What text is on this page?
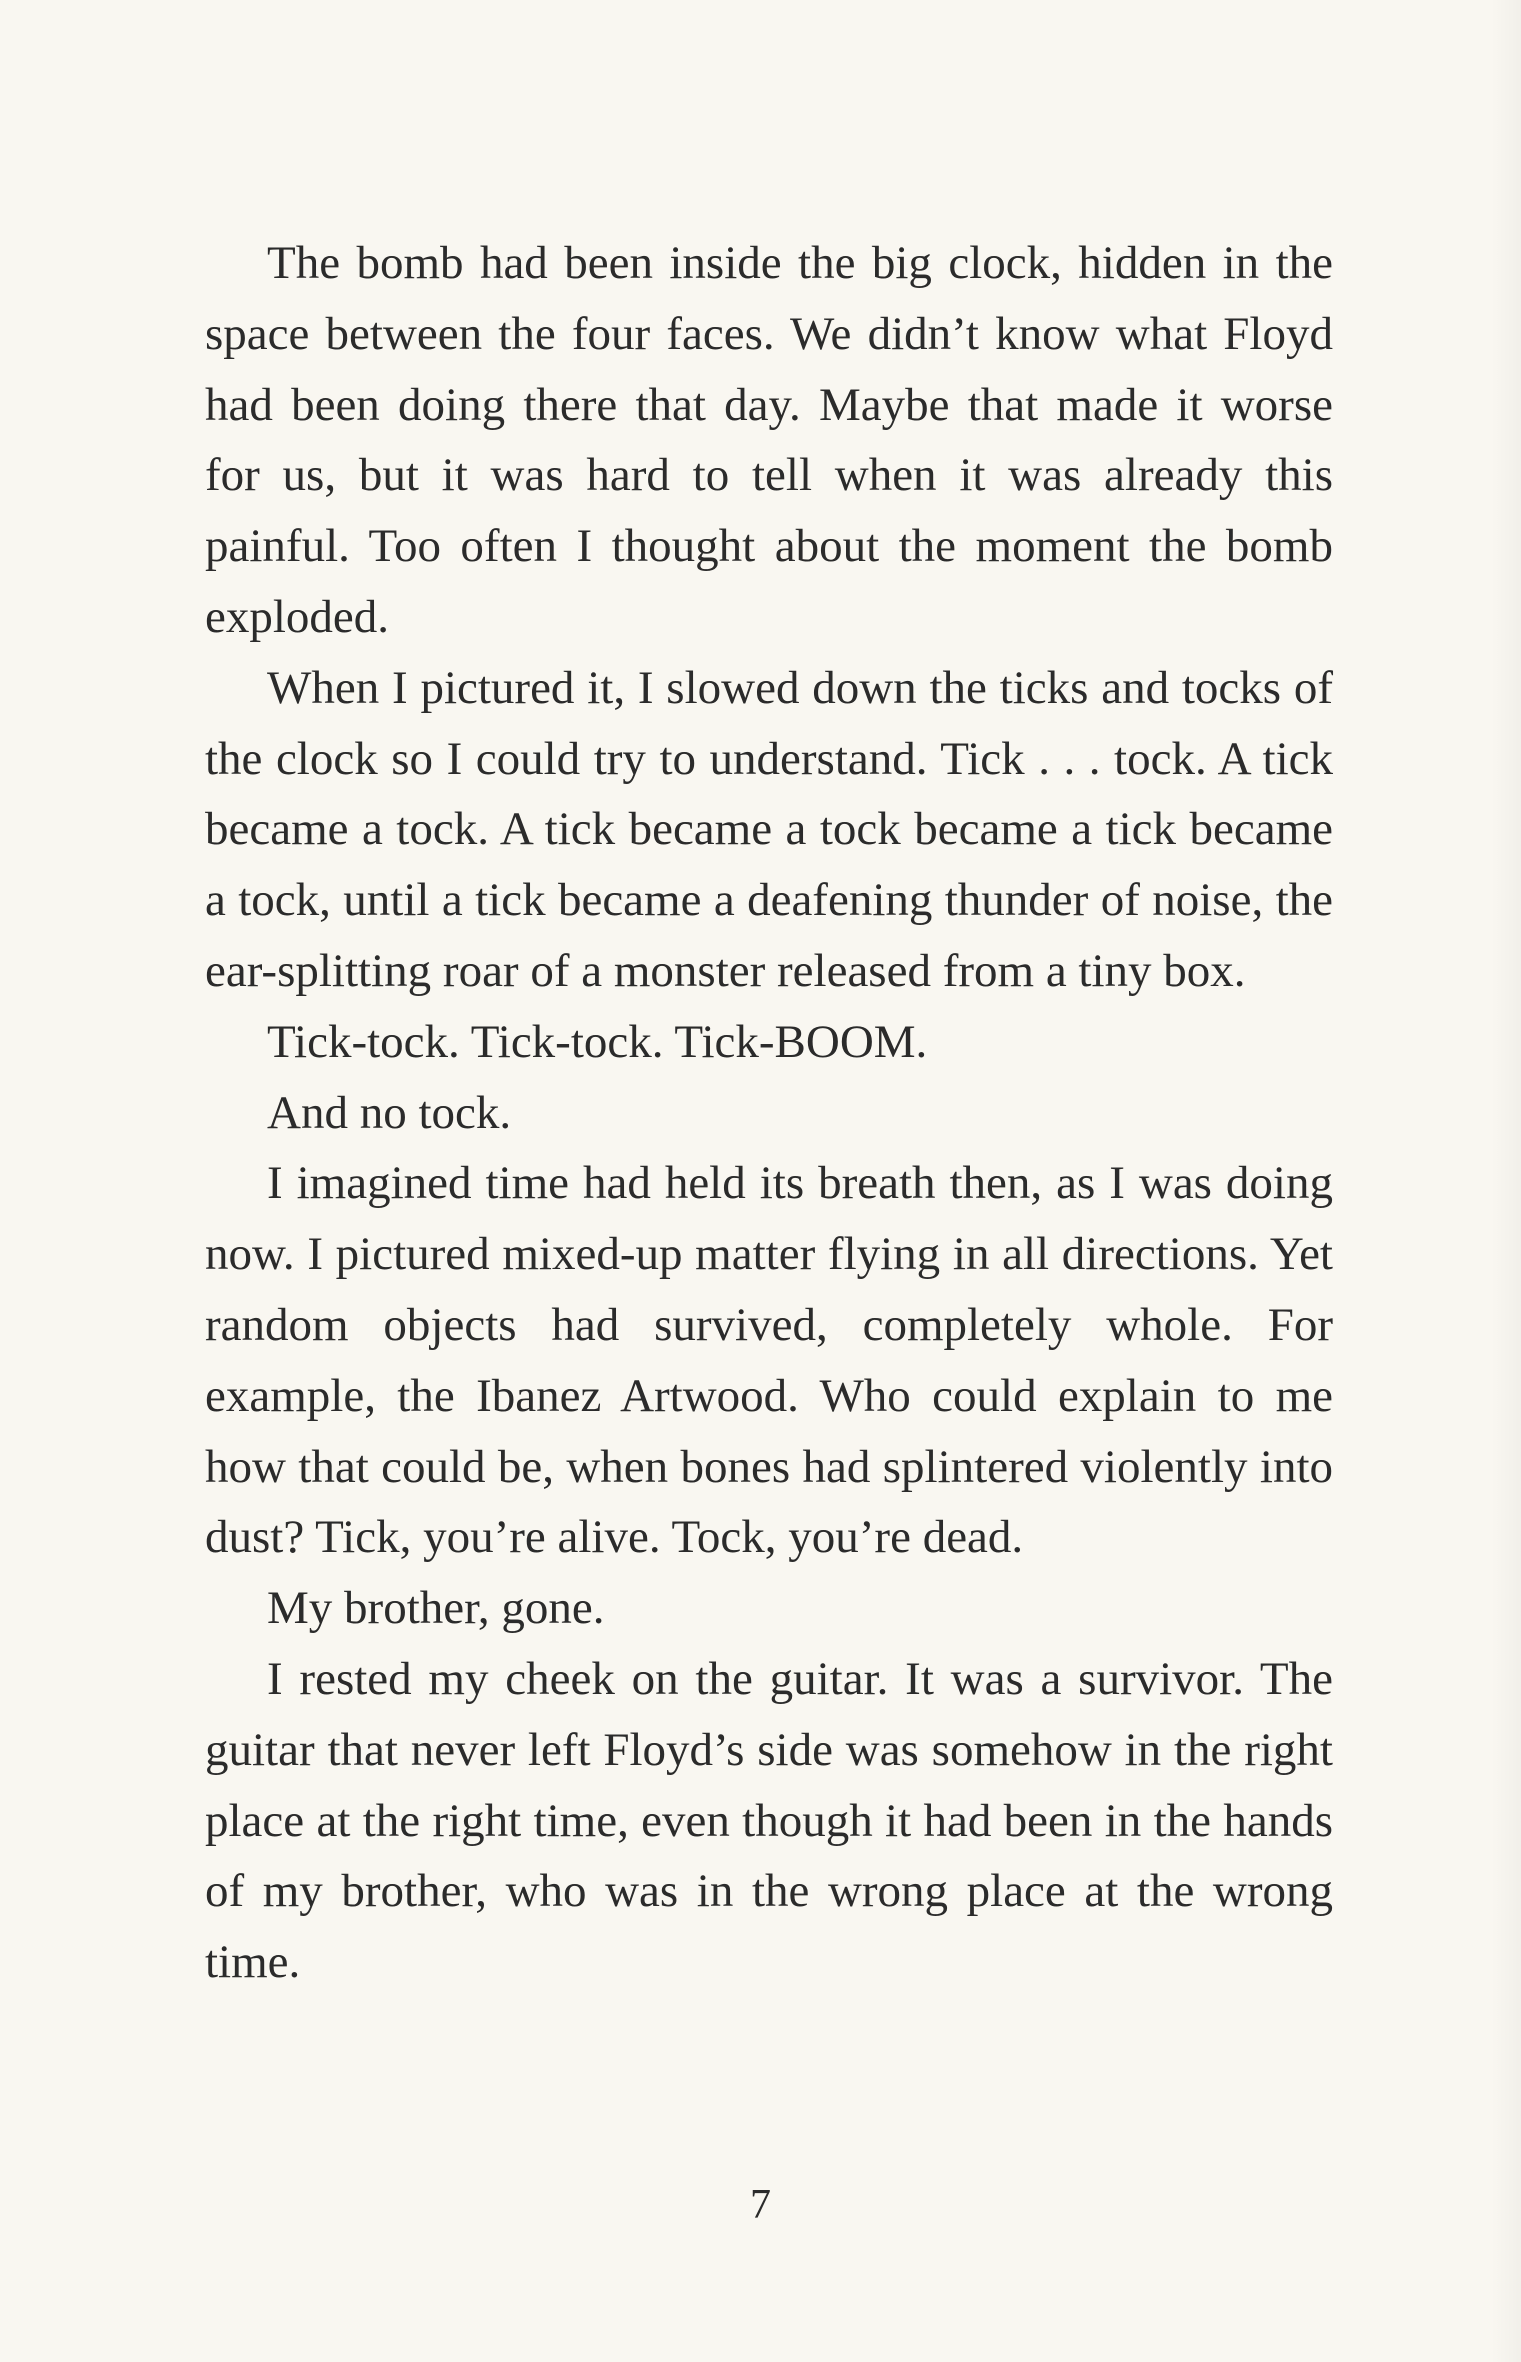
The bomb had been inside the big clock, hidden in the space between the four faces. We didn’t know what Floyd had been doing there that day. Maybe that made it worse for us, but it was hard to tell when it was already this painful. Too often I thought about the moment the bomb exploded.

When I pictured it, I slowed down the ticks and tocks of the clock so I could try to understand. Tick . . . tock. A tick became a tock. A tick became a tock became a tick became a tock, until a tick became a deafening thunder of noise, the ear-splitting roar of a monster released from a tiny box.

Tick-tock. Tick-tock. Tick-BOOM.

And no tock.

I imagined time had held its breath then, as I was doing now. I pictured mixed-up matter flying in all directions. Yet random objects had survived, completely whole. For example, the Ibanez Artwood. Who could explain to me how that could be, when bones had splintered violently into dust? Tick, you’re alive. Tock, you’re dead.

My brother, gone.

I rested my cheek on the guitar. It was a survivor. The guitar that never left Floyd’s side was somehow in the right place at the right time, even though it had been in the hands of my brother, who was in the wrong place at the wrong time.

7
